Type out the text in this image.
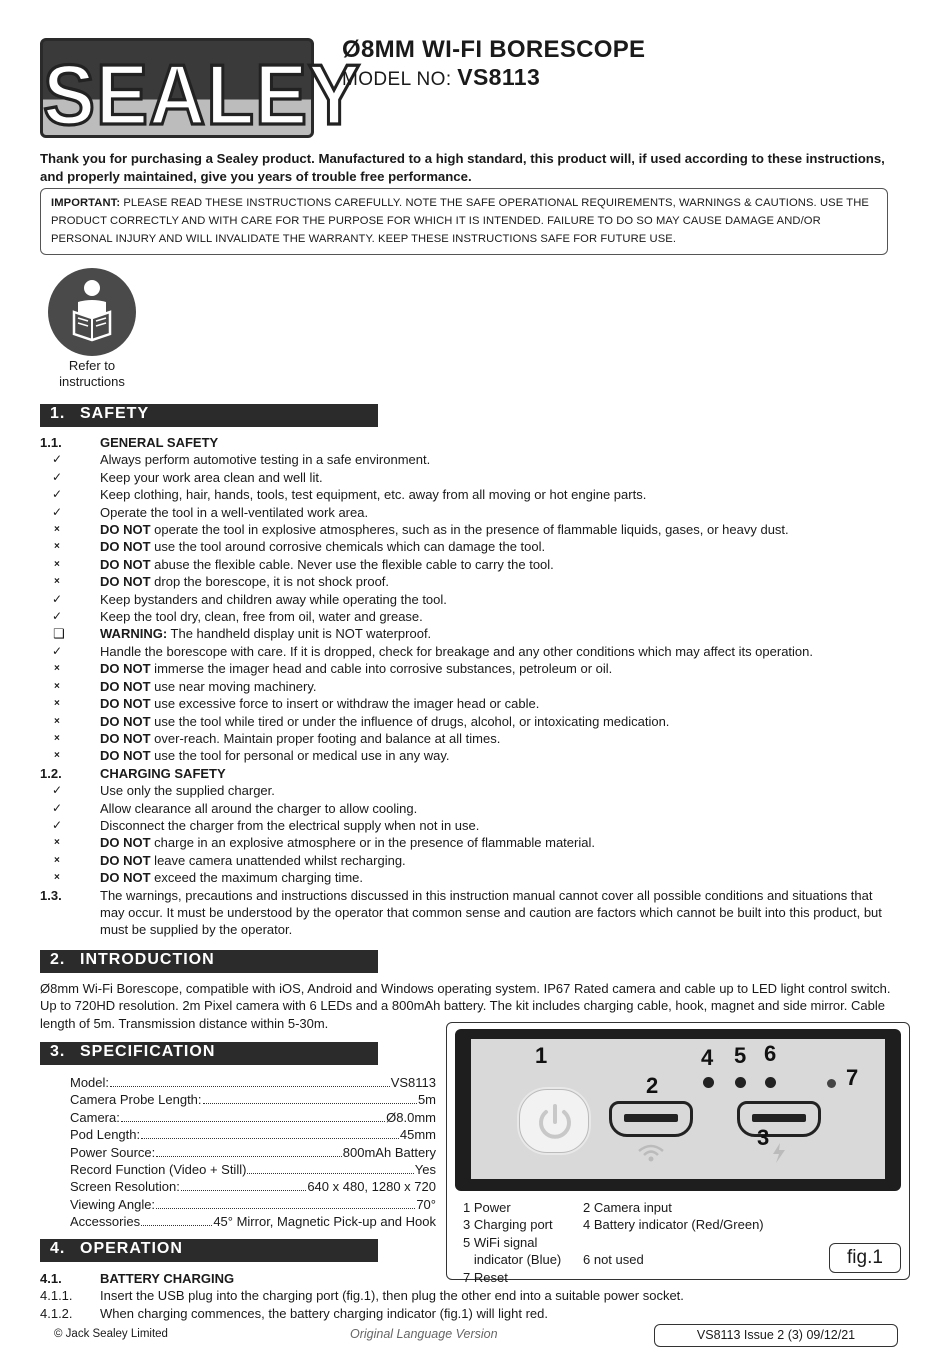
SEALEY
Ø8MM WI-FI BORESCOPE
MODEL NO: VS8113
Thank you for purchasing a Sealey product. Manufactured to a high standard, this product will, if used according to these instructions, and properly maintained, give you years of trouble free performance.
IMPORTANT: PLEASE READ THESE INSTRUCTIONS CAREFULLY. NOTE THE SAFE OPERATIONAL REQUIREMENTS, WARNINGS & CAUTIONS. USE THE PRODUCT CORRECTLY AND WITH CARE FOR THE PURPOSE FOR WHICH IT IS INTENDED. FAILURE TO DO SO MAY CAUSE DAMAGE AND/OR PERSONAL INJURY AND WILL INVALIDATE THE WARRANTY. KEEP THESE INSTRUCTIONS SAFE FOR FUTURE USE.
Refer to instructions
1. SAFETY
1.1.	GENERAL SAFETY
✓	Always perform automotive testing in a safe environment.
✓	Keep your work area clean and well lit.
✓	Keep clothing, hair, hands, tools, test equipment, etc. away from all moving or hot engine parts.
✓	Operate the tool in a well-ventilated work area.
×	DO NOT operate the tool in explosive atmospheres, such as in the presence of flammable liquids, gases, or heavy dust.
×	DO NOT use the tool around corrosive chemicals which can damage the tool.
×	DO NOT abuse the flexible cable. Never use the flexible cable to carry the tool.
×	DO NOT drop the borescope, it is not shock proof.
✓	Keep bystanders and children away while operating the tool.
✓	Keep the tool dry, clean, free from oil, water and grease.
❑	WARNING: The handheld display unit is NOT waterproof.
✓	Handle the borescope with care. If it is dropped, check for breakage and any other conditions which may affect its operation.
×	DO NOT immerse the imager head and cable into corrosive substances, petroleum or oil.
×	DO NOT use near moving machinery.
×	DO NOT use excessive force to insert or withdraw the imager head or cable.
×	DO NOT use the tool while tired or under the influence of drugs, alcohol, or intoxicating medication.
×	DO NOT over-reach. Maintain proper footing and balance at all times.
×	DO NOT use the tool for personal or medical use in any way.
1.2.	CHARGING SAFETY
✓	Use only the supplied charger.
✓	Allow clearance all around the charger to allow cooling.
✓	Disconnect the charger from the electrical supply when not in use.
×	DO NOT charge in an explosive atmosphere or in the presence of flammable material.
×	DO NOT leave camera unattended whilst recharging.
×	DO NOT exceed the maximum charging time.
1.3.	The warnings, precautions and instructions discussed in this instruction manual cannot cover all possible conditions and situations that may occur. It must be understood by the operator that common sense and caution are factors which cannot be built into this product, but must be supplied by the operator.
2. INTRODUCTION
Ø8mm Wi-Fi Borescope, compatible with iOS, Android and Windows operating system. IP67 Rated camera and cable up to LED light control switch. Up to 720HD resolution. 2m Pixel camera with 6 LEDs and a 800mAh battery. The kit includes charging cable, hook, magnet and side mirror. Cable length of 5m. Transmission distance within 5-30m.
3. SPECIFICATION
Model:	VS8113
Camera Probe Length:	5m
Camera:	Ø8.0mm
Pod Length:	45mm
Power Source:	800mAh Battery
Record Function (Video + Still)	Yes
Screen Resolution:	640 x 480, 1280 x 720
Viewing Angle:	70°
Accessories	45° Mirror, Magnetic Pick-up and Hook
4. OPERATION
4.1.	BATTERY CHARGING
4.1.1.	Insert the USB plug into the charging port (fig.1), then plug the other end into a suitable power socket.
4.1.2.	When charging commences, the battery charging indicator (fig.1) will light red.
1
2
3
4 5 6
7
1 Power	2 Camera input
3 Charging port	4 Battery indicator (Red/Green)
5 WiFi signal
indicator (Blue)	6 not used
7 Reset
fig.1
© Jack Sealey Limited	Original Language Version	VS8113 Issue 2 (3) 09/12/21
